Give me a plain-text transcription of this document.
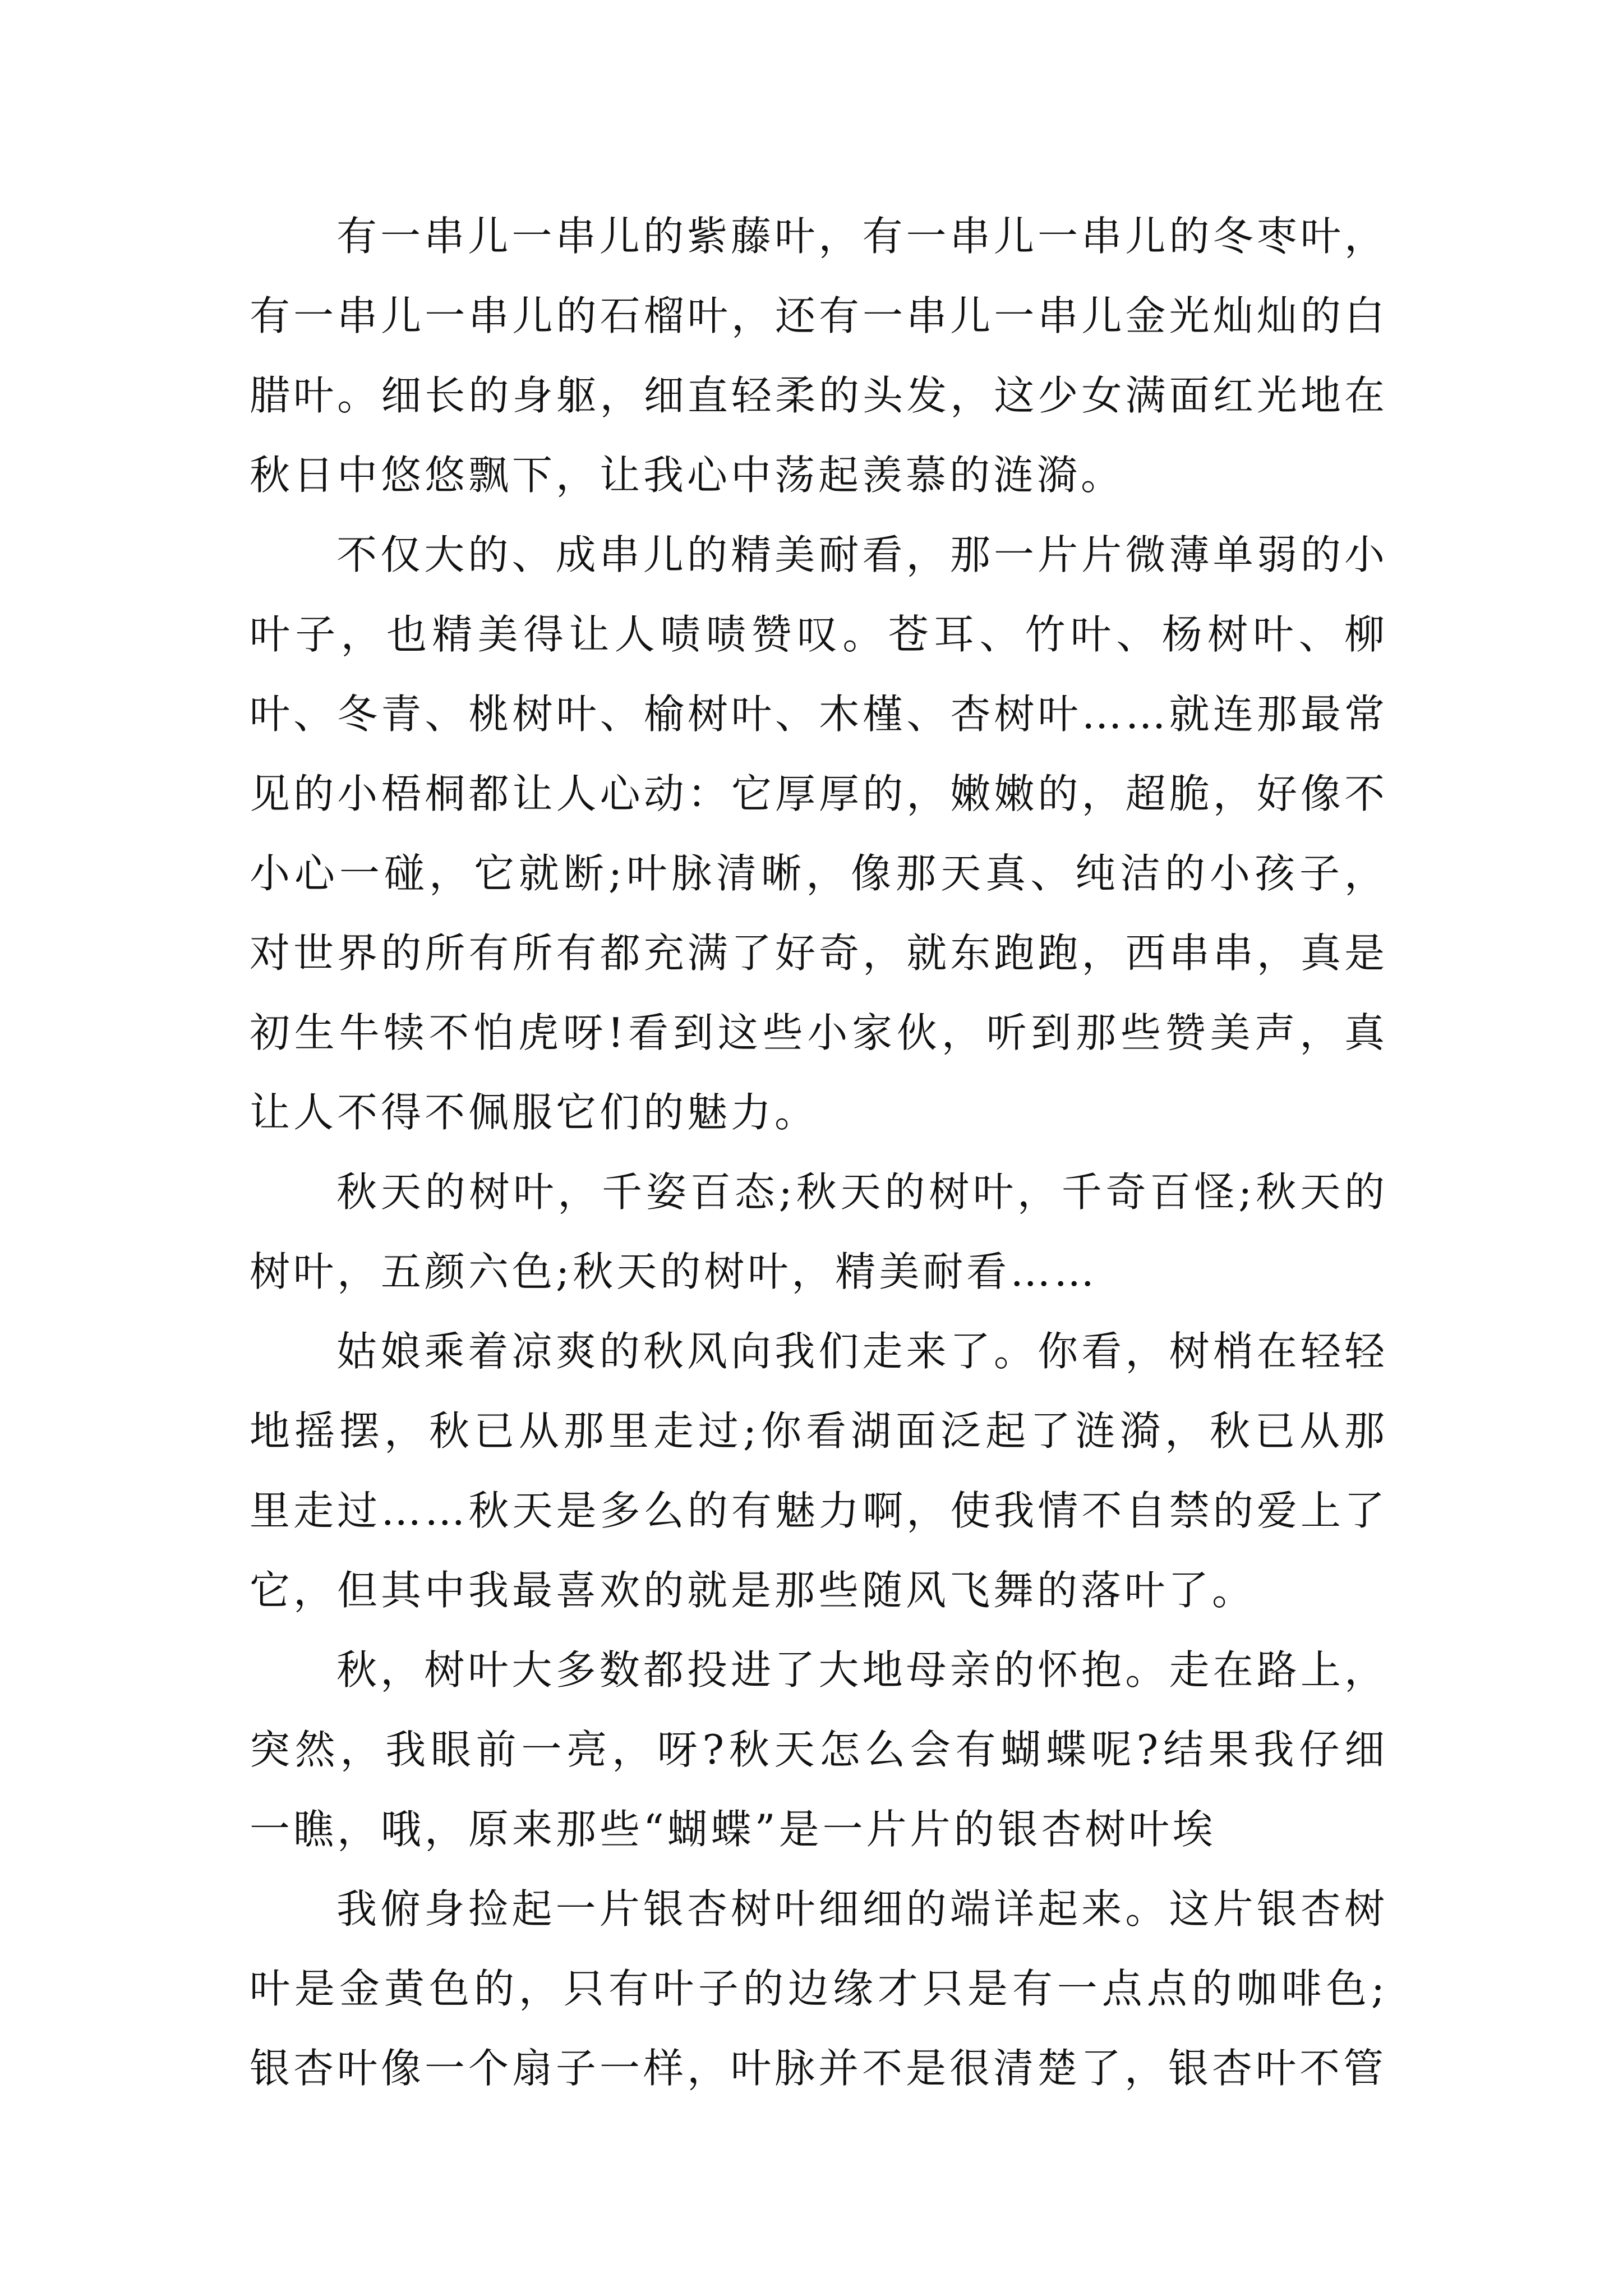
有一串儿一串儿的紫藤叶，有一串儿一串儿的冬枣叶，有一串儿一串儿的石榴叶，还有一串儿一串儿金光灿灿的白腊叶。细长的身躯，细直轻柔的头发，这少女满面红光地在秋日中悠悠飘下，让我心中荡起羡慕的涟漪。

不仅大的、成串儿的精美耐看，那一片片微薄单弱的小叶子，也精美得让人啧啧赞叹。苍耳、竹叶、杨树叶、柳叶、冬青、桃树叶、榆树叶、木槿、杏树叶……就连那最常见的小梧桐都让人心动：它厚厚的，嫩嫩的，超脆，好像不小心一碰，它就断;叶脉清晰，像那天真、纯洁的小孩子，对世界的所有所有都充满了好奇，就东跑跑，西串串，真是初生牛犊不怕虎呀!看到这些小家伙，听到那些赞美声，真让人不得不佩服它们的魅力。

秋天的树叶，千姿百态;秋天的树叶，千奇百怪;秋天的树叶，五颜六色;秋天的树叶，精美耐看……

姑娘乘着凉爽的秋风向我们走来了。你看，树梢在轻轻地摇摆，秋已从那里走过;你看湖面泛起了涟漪，秋已从那里走过……秋天是多么的有魅力啊，使我情不自禁的爱上了它，但其中我最喜欢的就是那些随风飞舞的落叶了。

秋，树叶大多数都投进了大地母亲的怀抱。走在路上，突然，我眼前一亮，呀?秋天怎么会有蝴蝶呢?结果我仔细一瞧，哦，原来那些“蝴蝶”是一片片的银杏树叶埃

我俯身捡起一片银杏树叶细细的端详起来。这片银杏树叶是金黄色的，只有叶子的边缘才只是有一点点的咖啡色;银杏叶像一个扇子一样，叶脉并不是很清楚了，银杏叶不管
